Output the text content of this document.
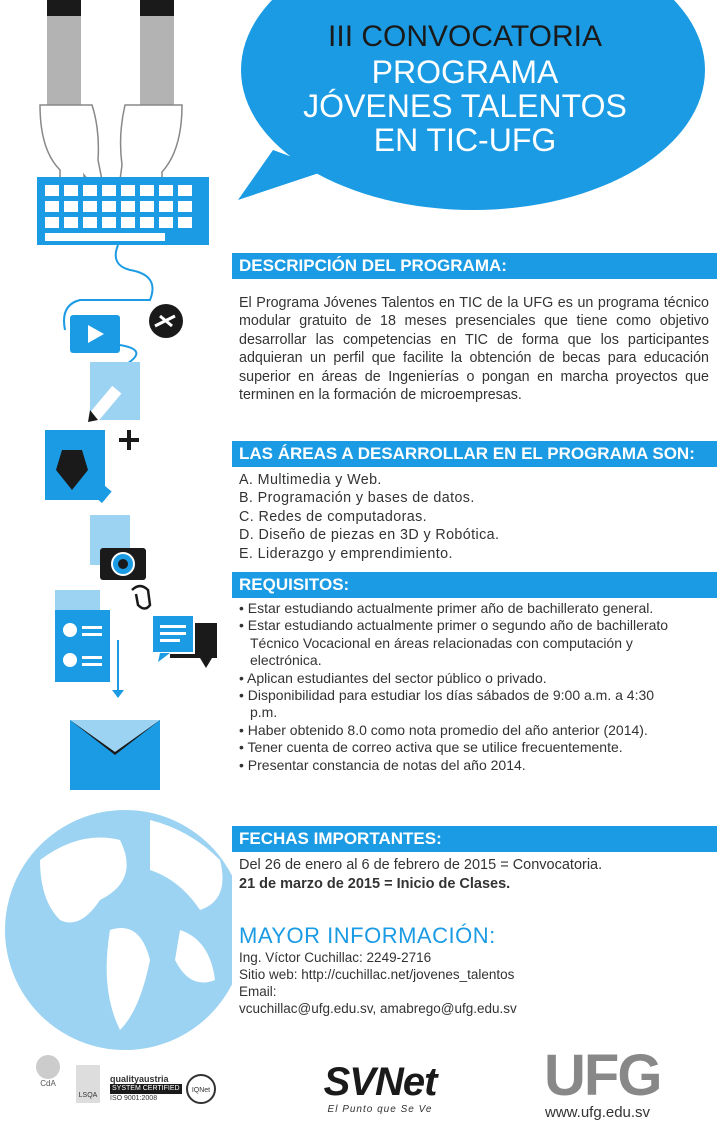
III CONVOCATORIA
PROGRAMA
JÓVENES TALENTOS
EN TIC-UFG
DESCRIPCIÓN DEL PROGRAMA:
El Programa Jóvenes Talentos en TIC de la UFG es un programa técnico modular gratuito de 18 meses presenciales que tiene como objetivo desarrollar las competencias en TIC de forma que los participantes adquieran un perfil que facilite la obtención de becas para educación superior en áreas de Ingenierías o pongan en marcha proyectos que terminen en la formación de microempresas.
LAS ÁREAS A DESARROLLAR EN EL PROGRAMA SON:
A. Multimedia y Web.
B. Programación y bases de datos.
C. Redes de computadoras.
D. Diseño de piezas en 3D y Robótica.
E. Liderazgo y emprendimiento.
REQUISITOS:
• Estar estudiando actualmente primer año de bachillerato general.
• Estar estudiando actualmente primer o segundo año de bachillerato Técnico Vocacional en áreas relacionadas con computación y electrónica.
• Aplican estudiantes del sector público o privado.
• Disponibilidad para estudiar los días sábados de 9:00 a.m. a 4:30 p.m.
• Haber obtenido 8.0 como nota promedio del año anterior (2014).
• Tener cuenta de correo activa que se utilice frecuentemente.
• Presentar constancia de notas del año 2014.
FECHAS IMPORTANTES:
Del 26 de enero al 6 de febrero de 2015 = Convocatoria.
21 de marzo de 2015 = Inicio de Clases.
MAYOR INFORMACIÓN:
Ing. Víctor Cuchillac: 2249-2716
Sitio web: http://cuchillac.net/jovenes_talentos
Email:
vcuchillac@ufg.edu.sv, amabrego@ufg.edu.sv
CdA
LSQA
qualityaustria
SYSTEM CERTIFIED
ISO 9001:2008
IQNet	SVNet
El Punto que Se Ve
UFG
www.ufg.edu.sv
